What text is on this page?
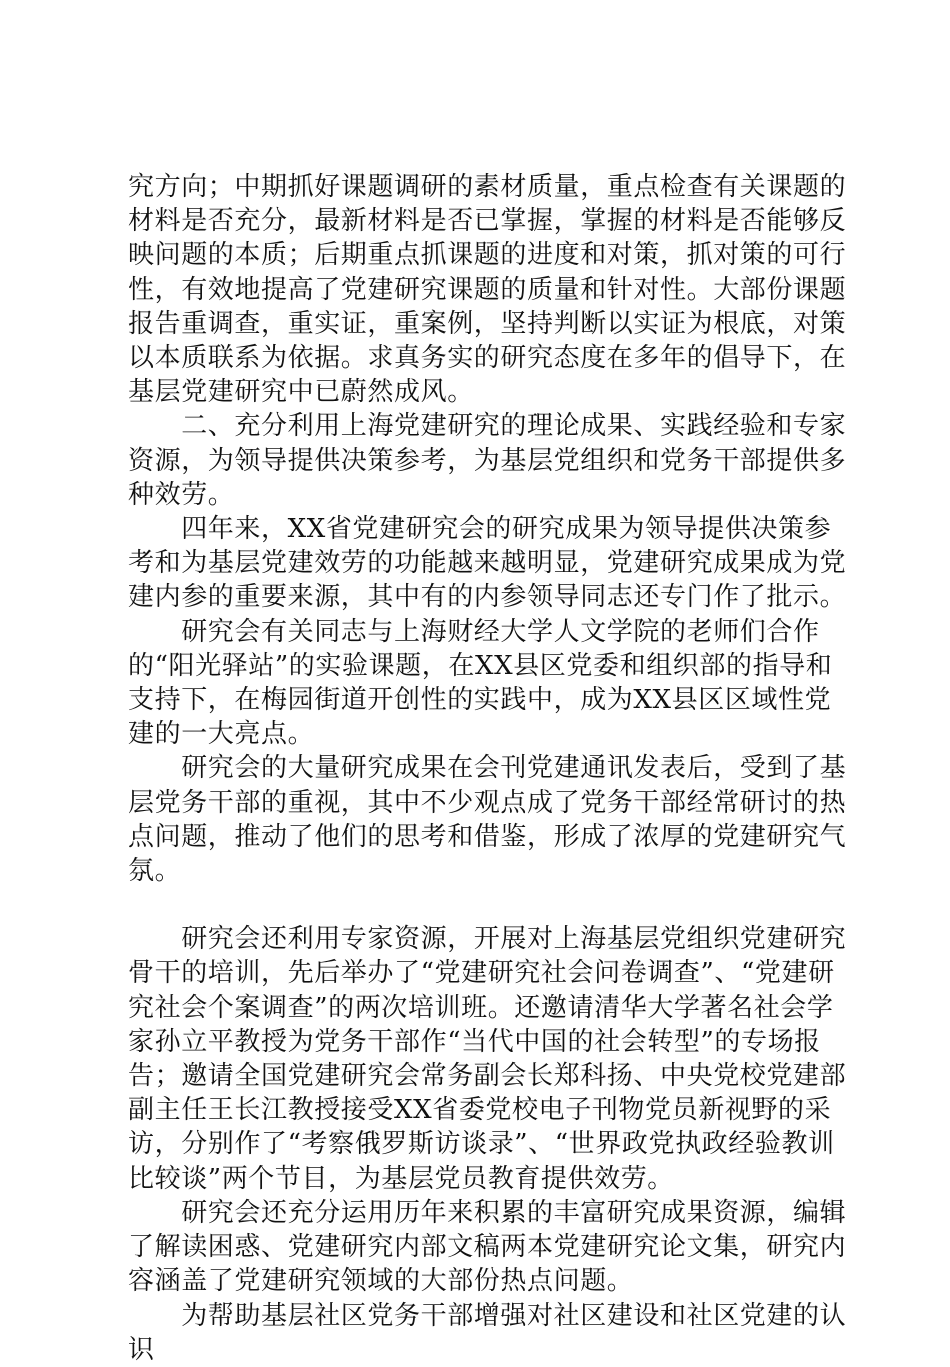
究方向；中期抓好课题调研的素材质量，重点检查有关课题的材料是否充分，最新材料是否已掌握，掌握的材料是否能够反映问题的本质；后期重点抓课题的进度和对策，抓对策的可行性，有效地提高了党建研究课题的质量和针对性。大部份课题报告重调查，重实证，重案例，坚持判断以实证为根底，对策以本质联系为依据。求真务实的研究态度在多年的倡导下，在基层党建研究中已蔚然成风。

　　二、充分利用上海党建研究的理论成果、实践经验和专家资源，为领导提供决策参考，为基层党组织和党务干部提供多种效劳。

　　四年来，XX省党建研究会的研究成果为领导提供决策参考和为基层党建效劳的功能越来越明显，党建研究成果成为党建内参的重要来源，其中有的内参领导同志还专门作了批示。

　　研究会有关同志与上海财经大学人文学院的老师们合作的“阳光驿站”的实验课题，在XX县区党委和组织部的指导和支持下，在梅园街道开创性的实践中，成为XX县区区域性党建的一大亮点。

　　研究会的大量研究成果在会刊党建通讯发表后，受到了基层党务干部的重视，其中不少观点成了党务干部经常研讨的热点问题，推动了他们的思考和借鉴，形成了浓厚的党建研究气氛。

　　研究会还利用专家资源，开展对上海基层党组织党建研究骨干的培训，先后举办了“党建研究社会问卷调查”、“党建研究社会个案调查”的两次培训班。还邀请清华大学著名社会学家孙立平教授为党务干部作“当代中国的社会转型”的专场报告；邀请全国党建研究会常务副会长郑科扬、中央党校党建部副主任王长江教授接受XX省委党校电子刊物党员新视野的采访，分别作了“考察俄罗斯访谈录”、“世界政党执政经验教训比较谈”两个节目，为基层党员教育提供效劳。

　　研究会还充分运用历年来积累的丰富研究成果资源，编辑了解读困惑、党建研究内部文稿两本党建研究论文集，研究内容涵盖了党建研究领域的大部份热点问题。

　　为帮助基层社区党务干部增强对社区建设和社区党建的认识
